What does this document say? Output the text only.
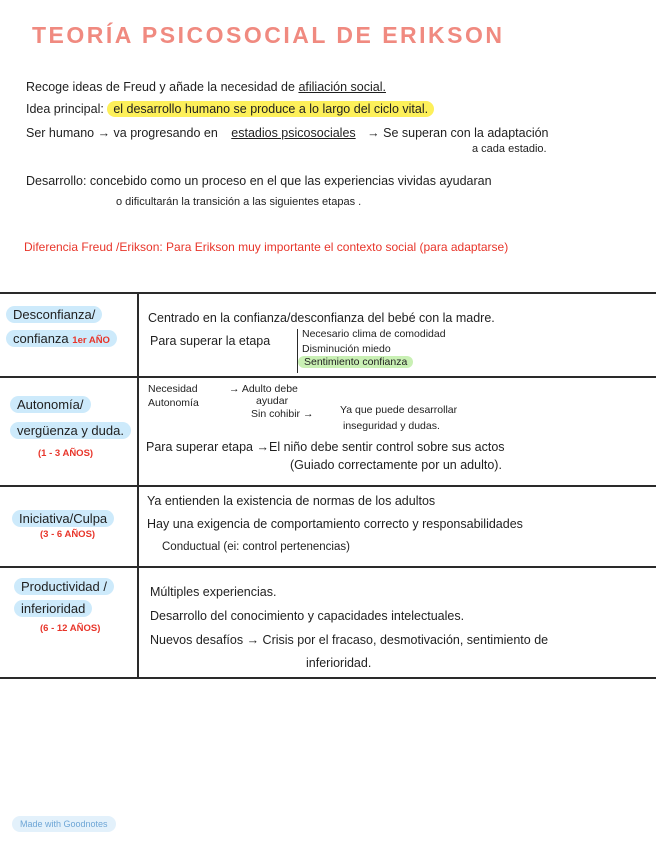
TEORÍA PSICOSOCIAL DE ERIKSON
Recoge ideas de Freud y añade la necesidad de afiliación social.
Idea principal: el desarrollo humano se produce a lo largo del ciclo vital.
Ser humano → va progresando en estadios psicosociales → Se superan con la adaptación
a cada estadio.
Desarrollo: concebido como un proceso en el que las experiencias vividas ayudaran
o dificultarán la transición a las siguientes etapas .
Diferencia Freud /Erikson: Para Erikson muy importante el contexto social (para adaptarse)
Desconfianza/
confianza 1er AÑO
Centrado en la confianza/desconfianza del bebé con la madre.
Para superar la etapa	Necesario clima de comodidad
Disminución miedo
Sentimiento confianza
Autonomía/
vergüenza y duda.
(1 - 3 AÑOS)
Necesidad
Autonomía
→ Adulto debe
ayudar
Sin cohibir →	Ya que puede desarrollar
inseguridad y dudas.
Para superar etapa →El niño debe sentir control sobre sus actos
(Guiado correctamente por un adulto).
Iniciativa/Culpa
(3 - 6 AÑOS)
Ya entienden la existencia de normas de los adultos
Hay una exigencia de comportamiento correcto y responsabilidades
Conductual (ei: control pertenencias)
Productividad /
inferioridad
(6 - 12 AÑOS)
Múltiples experiencias.
Desarrollo del conocimiento y capacidades intelectuales.
Nuevos desafíos → Crisis por el fracaso, desmotivación, sentimiento de
inferioridad.
Made with Goodnotes
